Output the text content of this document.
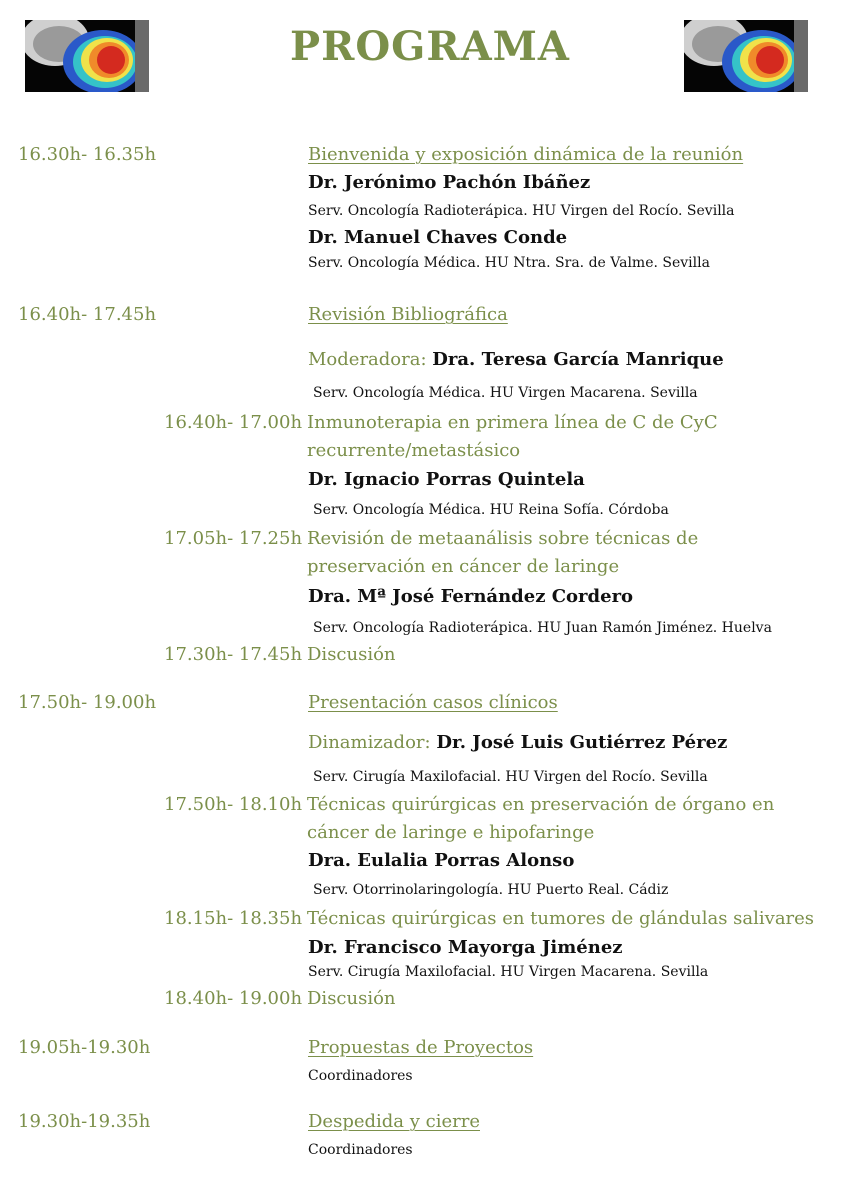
PROGRAMA
16.30h- 16.35h	Bienvenida y exposición dinámica de la reunión
Dr. Jerónimo Pachón Ibáñez
Serv. Oncología Radioterápica. HU Virgen del Rocío. Sevilla
Dr. Manuel Chaves Conde
Serv. Oncología Médica. HU Ntra. Sra. de Valme. Sevilla
16.40h- 17.45h	Revisión Bibliográfica
Moderadora: Dra. Teresa García Manrique
Serv. Oncología Médica. HU Virgen Macarena. Sevilla
16.40h- 17.00h Inmunoterapia en primera línea de C de CyC recurrente/metastásico
Dr. Ignacio Porras Quintela
Serv. Oncología Médica. HU Reina Sofía. Córdoba
17.05h- 17.25h Revisión de metaanálisis sobre técnicas de preservación en cáncer de laringe
Dra. Mª José Fernández Cordero
Serv. Oncología Radioterápica. HU Juan Ramón Jiménez. Huelva
17.30h- 17.45h Discusión
17.50h- 19.00h	Presentación casos clínicos
Dinamizador: Dr. José Luis Gutiérrez Pérez
Serv. Cirugía Maxilofacial. HU Virgen del Rocío. Sevilla
17.50h- 18.10h Técnicas quirúrgicas en preservación de órgano en cáncer de laringe e hipofaringe
Dra. Eulalia Porras Alonso
Serv. Otorrinolaringología. HU Puerto Real. Cádiz
18.15h- 18.35h Técnicas quirúrgicas en tumores de glándulas salivares
Dr. Francisco Mayorga Jiménez
Serv. Cirugía Maxilofacial. HU Virgen Macarena. Sevilla
18.40h- 19.00h Discusión
19.05h-19.30h	Propuestas de Proyectos
Coordinadores
19.30h-19.35h	Despedida y cierre
Coordinadores
